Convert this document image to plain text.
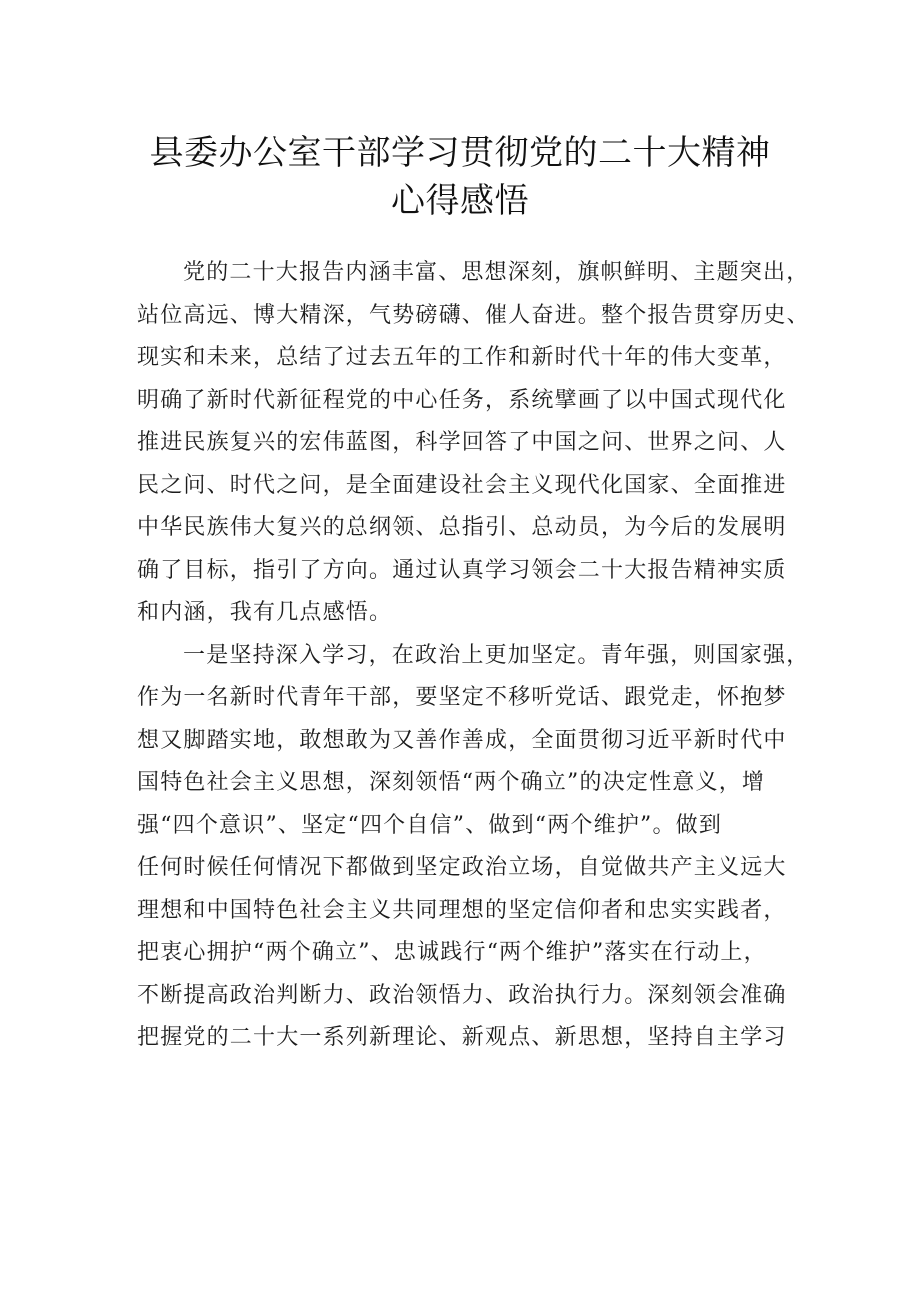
县委办公室干部学习贯彻党的二十大精神
心得感悟
党的二十大报告内涵丰富、思想深刻，旗帜鲜明、主题突出，
站位高远、博大精深，气势磅礴、催人奋进。整个报告贯穿历史、
现实和未来，总结了过去五年的工作和新时代十年的伟大变革，
明确了新时代新征程党的中心任务，系统擘画了以中国式现代化
推进民族复兴的宏伟蓝图，科学回答了中国之问、世界之问、人
民之问、时代之问，是全面建设社会主义现代化国家、全面推进
中华民族伟大复兴的总纲领、总指引、总动员，为今后的发展明
确了目标，指引了方向。通过认真学习领会二十大报告精神实质
和内涵，我有几点感悟。
一是坚持深入学习，在政治上更加坚定。青年强，则国家强，
作为一名新时代青年干部，要坚定不移听党话、跟党走，怀抱梦
想又脚踏实地，敢想敢为又善作善成，全面贯彻习近平新时代中
国特色社会主义思想，深刻领悟“两个确立”的决定性意义，增
强“四个意识”、坚定“四个自信”、做到“两个维护”。做到
任何时候任何情况下都做到坚定政治立场，自觉做共产主义远大
理想和中国特色社会主义共同理想的坚定信仰者和忠实实践者，
把衷心拥护“两个确立”、忠诚践行“两个维护”落实在行动上，
不断提高政治判断力、政治领悟力、政治执行力。深刻领会准确
把握党的二十大一系列新理论、新观点、新思想，坚持自主学习
